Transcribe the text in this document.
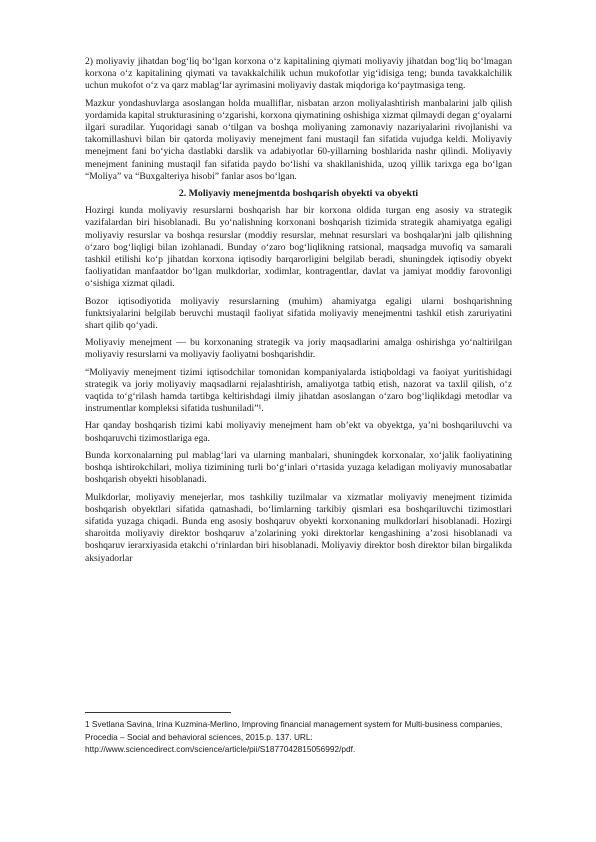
2) moliyaviy jihatdan bog‘liq bo‘lgan korxona o‘z kapitalining qiymati moliyaviy jihatdan bog‘liq bo‘lmagan korxona o‘z kapitalining qiymati va tavakkalchilik uchun mukofotlar yig‘idisiga teng; bunda tavakkalchilik uchun mukofot o‘z va qarz mablag‘lar ayrimasini moliyaviy dastak miqdoriga ko‘paytmasiga teng.

Mazkur yondashuvlarga asoslangan holda mualliflar, nisbatan arzon moliyalashtirish manbalarini jalb qilish yordamida kapital strukturasining o‘zgarishi, korxona qiymatining oshishiga xizmat qilmaydi degan g‘oyalarni ilgari suradilar. Yuqoridagi sanab o‘tilgan va boshqa moliyaning zamonaviy nazariyalarini rivojlanishi va takomillashuvi bilan bir qatorda moliyaviy menejment fani mustaqil fan sifatida vujudga keldi. Moliyaviy menejment fani bo‘yicha dastlabki darslik va adabiyotlar 60-yillarning boshlarida nashr qilindi. Moliyaviy menejment fanining mustaqil fan sifatida paydo bo‘lishi va shakllanishida, uzoq yillik tarixga ega bo‘lgan “Moliya” va “Buxgalteriya hisobi” fanlar asos bo‘lgan.

2. Moliyaviy menejmentda boshqarish obyekti va obyekti

Hozirgi kunda moliyaviy resurslarni boshqarish har bir korxona oldida turgan eng asosiy va strategik vazifalardan biri hisoblanadi. Bu yo‘nalishning korxonani boshqarish tizimida strategik ahamiyatga egaligi moliyaviy resurslar va boshqa resurslar (moddiy resurslar, mehnat resurslari va boshqalar)ni jalb qilishning o‘zaro bog‘liqligi bilan izohlanadi. Bunday o‘zaro bog‘liqlikning ratsional, maqsadga muvofiq va samarali tashkil etilishi ko‘p jihatdan korxona iqtisodiy barqarorligini belgilab beradi, shuningdek iqtisodiy obyekt faoliyatidan manfaatdor bo‘lgan mulkdorlar, xodimlar, kontragentlar, davlat va jamiyat moddiy farovonligi o‘sishiga xizmat qiladi.

Bozor iqtisodiyotida moliyaviy resurslarning (muhim) ahamiyatga egaligi ularni boshqarishning funktsiyalarini belgilab beruvchi mustaqil faoliyat sifatida moliyaviy menejmentni tashkil etish zaruriyatini shart qilib qo‘yadi.

Moliyaviy menejment — bu korxonaning strategik va joriy maqsadlarini amalga oshirishga yo‘naltirilgan moliyaviy resurslarni va moliyaviy faoliyatni boshqarishdir.

“Moliyaviy menejment tizimi iqtisodchilar tomonidan kompaniyalarda istiqboldagi va faoiyat yuritishidagi strategik va joriy moliyaviy maqsadlarni rejalashtirish, amaliyotga tatbiq etish, nazorat va taxlil qilish, o‘z vaqtida to‘g‘rilash hamda tartibga keltirishdagi ilmiy jihatdan asoslangan o‘zaro bog‘liqlikdagi metodlar va instrumentlar kompleksi sifatida tushuniladi”¹.

Har qanday boshqarish tizimi kabi moliyaviy menejment ham ob’ekt va obyektga, ya’ni boshqariluvchi va boshqaruvchi tizimostlariga ega.

Bunda korxonalarning pul mablag‘lari va ularning manbalari, shuningdek korxonalar, xo‘jalik faoliyatining boshqa ishtirokchilari, moliya tizimining turli bo‘g‘inlari o‘rtasida yuzaga keladigan moliyaviy munosabatlar boshqarish obyekti hisoblanadi.

Mulkdorlar, moliyaviy menejerlar, mos tashkiliy tuzilmalar va xizmatlar moliyaviy menejment tizimida boshqarish obyektlari sifatida qatnashadi, bo‘limlarning tarkibiy qismlari esa boshqariluvchi tizimostlari sifatida yuzaga chiqadi. Bunda eng asosiy boshqaruv obyekti korxonaning mulkdorlari hisoblanadi. Hozirgi sharoitda moliyaviy direktor boshqaruv a’zolarining yoki direktorlar kengashining a’zosi hisoblanadi va boshqaruv ierarxiyasida etakchi o‘rinlardan biri hisoblanadi. Moliyaviy direktor bosh direktor bilan birgalikda aksiyadorlar

1 Svetlana Savina, Irina Kuzmina-Merlino, Improving financial management system for Multi-business companies, Procedia – Social and behavioral sciences, 2015.p. 137. URL: http://www.sciencedirect.com/science/article/pii/S1877042815056992/pdf.
